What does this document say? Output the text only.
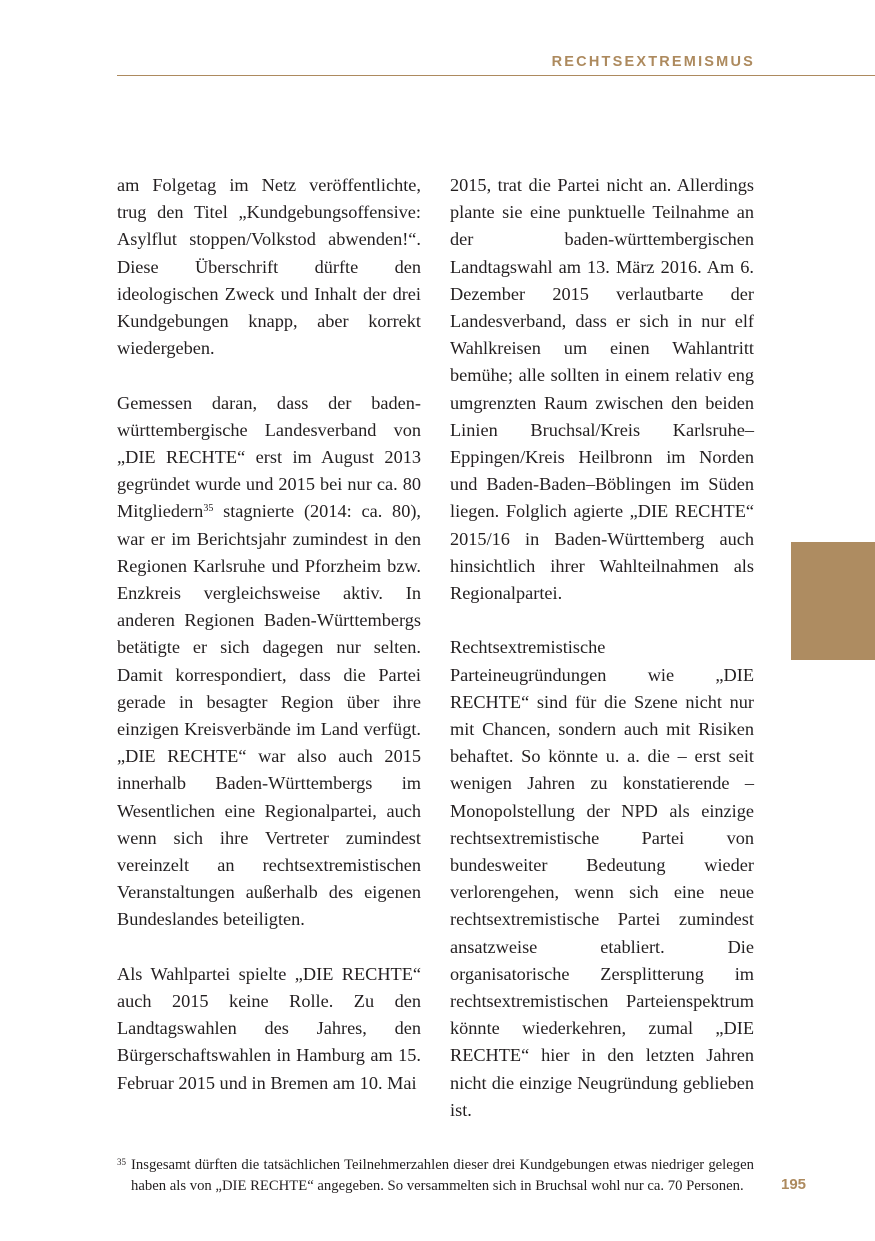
RECHTSEXTREMISMUS

am Folgetag im Netz veröffentlichte, trug den Titel „Kundgebungsoffensive: Asylflut stoppen/Volkstod abwenden!“. Diese Überschrift dürfte den ideologischen Zweck und Inhalt der drei Kundgebungen knapp, aber korrekt wiedergeben.

Gemessen daran, dass der baden-württembergische Landesverband von „DIE RECHTE“ erst im August 2013 gegründet wurde und 2015 bei nur ca. 80 Mitgliedern$^{35}$ stagnierte (2014: ca. 80), war er im Berichtsjahr zumindest in den Regionen Karlsruhe und Pforzheim bzw. Enzkreis vergleichsweise aktiv. In anderen Regionen Baden-Württembergs betätigte er sich dagegen nur selten. Damit korrespondiert, dass die Partei gerade in besagter Region über ihre einzigen Kreisverbände im Land verfügt. „DIE RECHTE“ war also auch 2015 innerhalb Baden-Württembergs im Wesentlichen eine Regionalpartei, auch wenn sich ihre Vertreter zumindest vereinzelt an rechtsextremistischen Veranstaltungen außerhalb des eigenen Bundeslandes beteiligten.

Als Wahlpartei spielte „DIE RECHTE“ auch 2015 keine Rolle. Zu den Landtagswahlen des Jahres, den Bürgerschaftswahlen in Hamburg am 15. Februar 2015 und in Bremen am 10. Mai

2015, trat die Partei nicht an. Allerdings plante sie eine punktuelle Teilnahme an der baden-württembergischen Landtagswahl am 13. März 2016. Am 6. Dezember 2015 verlautbarte der Landesverband, dass er sich in nur elf Wahlkreisen um einen Wahlantritt bemühe; alle sollten in einem relativ eng umgrenzten Raum zwischen den beiden Linien Bruchsal/Kreis Karlsruhe–Eppingen/Kreis Heilbronn im Norden und Baden-Baden–Böblingen im Süden liegen. Folglich agierte „DIE RECHTE“ 2015/16 in Baden-Württemberg auch hinsichtlich ihrer Wahlteilnahmen als Regionalpartei.

Rechtsextremistische Parteineugründungen wie „DIE RECHTE“ sind für die Szene nicht nur mit Chancen, sondern auch mit Risiken behaftet. So könnte u. a. die – erst seit wenigen Jahren zu konstatierende – Monopolstellung der NPD als einzige rechtsextremistische Partei von bundesweiter Bedeutung wieder verlorengehen, wenn sich eine neue rechtsextremistische Partei zumindest ansatzweise etabliert. Die organisatorische Zersplitterung im rechtsextremistischen Parteienspektrum könnte wiederkehren, zumal „DIE RECHTE“ hier in den letzten Jahren nicht die einzige Neugründung geblieben ist.

35 Insgesamt dürften die tatsächlichen Teilnehmerzahlen dieser drei Kundgebungen etwas niedriger gelegen haben als von „DIE RECHTE“ angegeben. So versammelten sich in Bruchsal wohl nur ca. 70 Personen.	195
